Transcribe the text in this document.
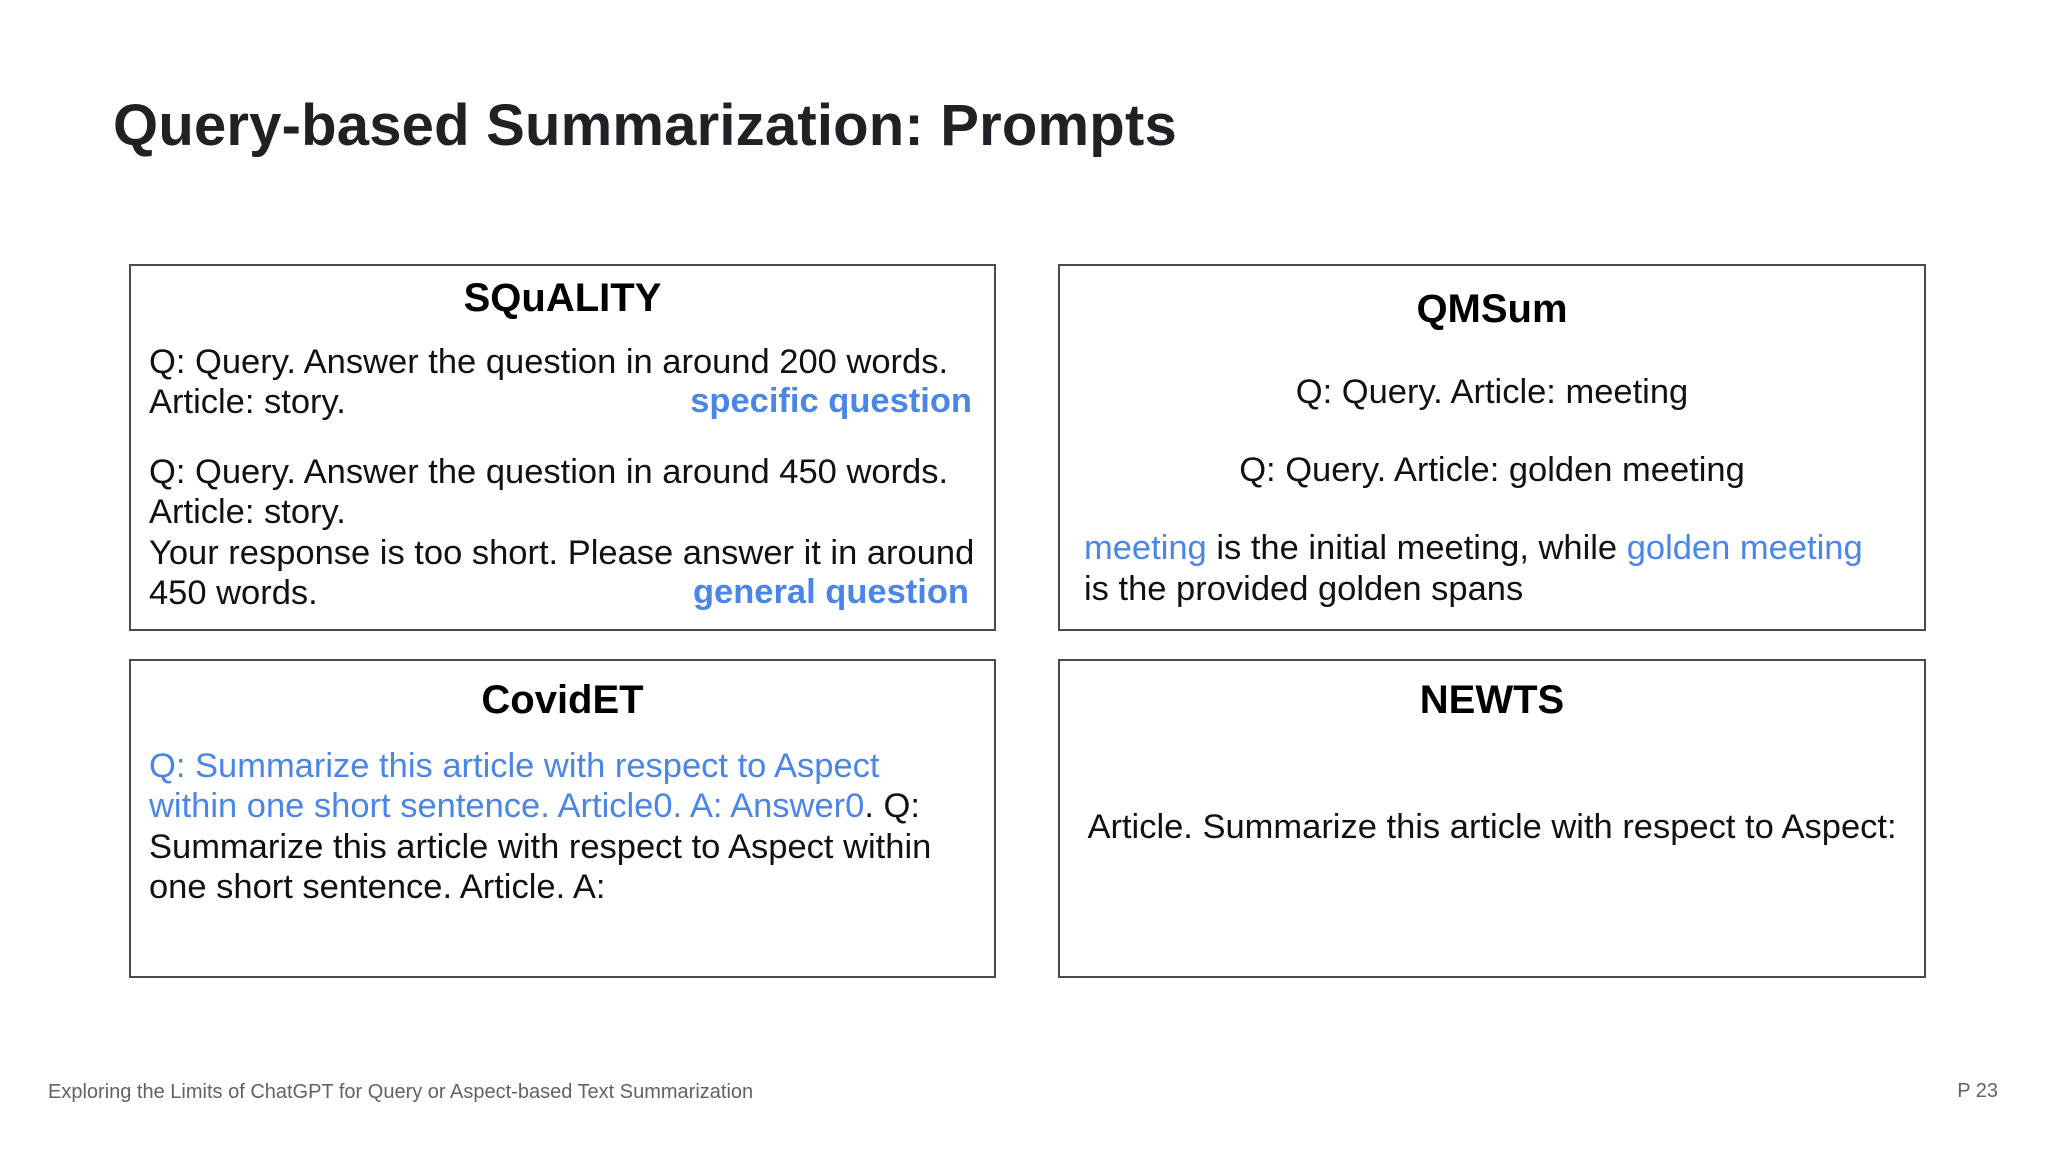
Query-based Summarization: Prompts
SQuALITY
Q: Query. Answer the question in around 200 words.
Article: story.	specific question
Q: Query. Answer the question in around 450 words.
Article: story.
Your response is too short. Please answer it in around
450 words.	general question
QMSum
Q: Query. Article: meeting
Q: Query. Article: golden meeting
meeting is the initial meeting, while golden meeting
is the provided golden spans
CovidET
Q: Summarize this article with respect to Aspect
within one short sentence. Article0. A: Answer0. Q:
Summarize this article with respect to Aspect within
one short sentence. Article. A:
NEWTS
Article. Summarize this article with respect to Aspect:
Exploring the Limits of ChatGPT for Query or Aspect-based Text Summarization	P 23
